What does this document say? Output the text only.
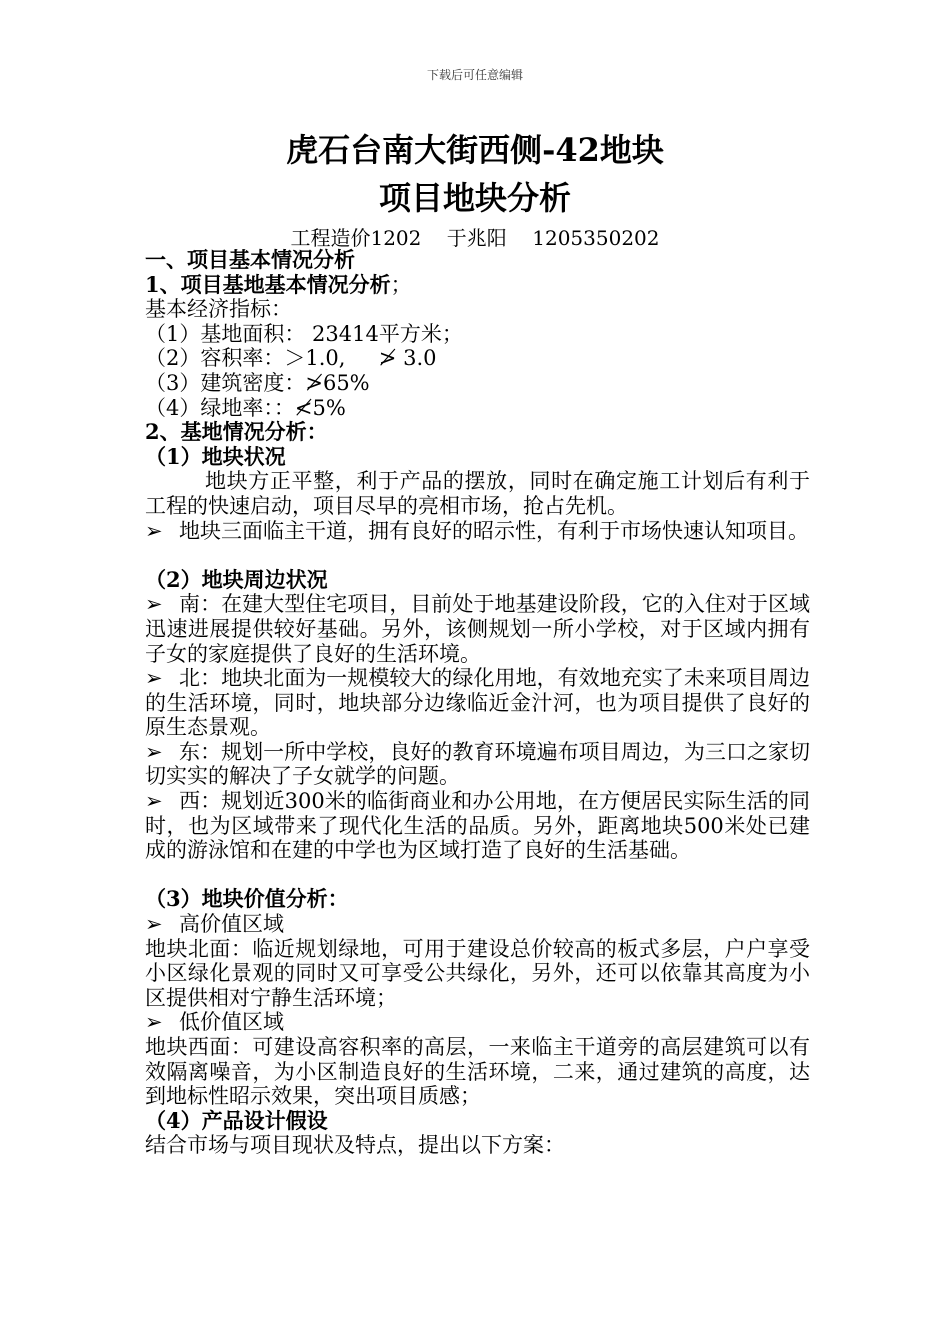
下载后可任意编辑
虎石台南大街西侧-42地块
项目地块分析
工程造价1202    于兆阳    1205350202

一、项目基本情况分析

1、项目基地基本情况分析；

基本经济指标：

（1）基地面积： 23414平方米；

（2）容积率：＞1.0,     ≯ 3.0

（3）建筑密度：≯65%

（4）绿地率：：≮5%

2、基地情况分析：

（1）地块状况

地块方正平整，利于产品的摆放，同时在确定施工计划后有利于工程的快速启动，项目尽早的亮相市场，抢占先机。

➢ 地块三面临主干道，拥有良好的昭示性，有利于市场快速认知项目。

（2）地块周边状况

➢ 南：在建大型住宅项目，目前处于地基建设阶段，它的入住对于区域迅速进展提供较好基础。另外，该侧规划一所小学校，对于区域内拥有子女的家庭提供了良好的生活环境。

➢ 北：地块北面为一规模较大的绿化用地，有效地充实了未来项目周边的生活环境，同时，地块部分边缘临近金汁河，也为项目提供了良好的原生态景观。

➢ 东：规划一所中学校，良好的教育环境遍布项目周边，为三口之家切切实实的解决了子女就学的问题。

➢ 西：规划近300米的临街商业和办公用地，在方便居民实际生活的同时，也为区域带来了现代化生活的品质。另外，距离地块500米处已建成的游泳馆和在建的中学也为区域打造了良好的生活基础。

（3）地块价值分析：

➢ 高价值区域

地块北面：临近规划绿地，可用于建设总价较高的板式多层，户户享受小区绿化景观的同时又可享受公共绿化，另外，还可以依靠其高度为小区提供相对宁静生活环境；

➢ 低价值区域

地块西面：可建设高容积率的高层，一来临主干道旁的高层建筑可以有效隔离噪音，为小区制造良好的生活环境，二来，通过建筑的高度，达到地标性昭示效果，突出项目质感；

（4）产品设计假设

结合市场与项目现状及特点，提出以下方案：
